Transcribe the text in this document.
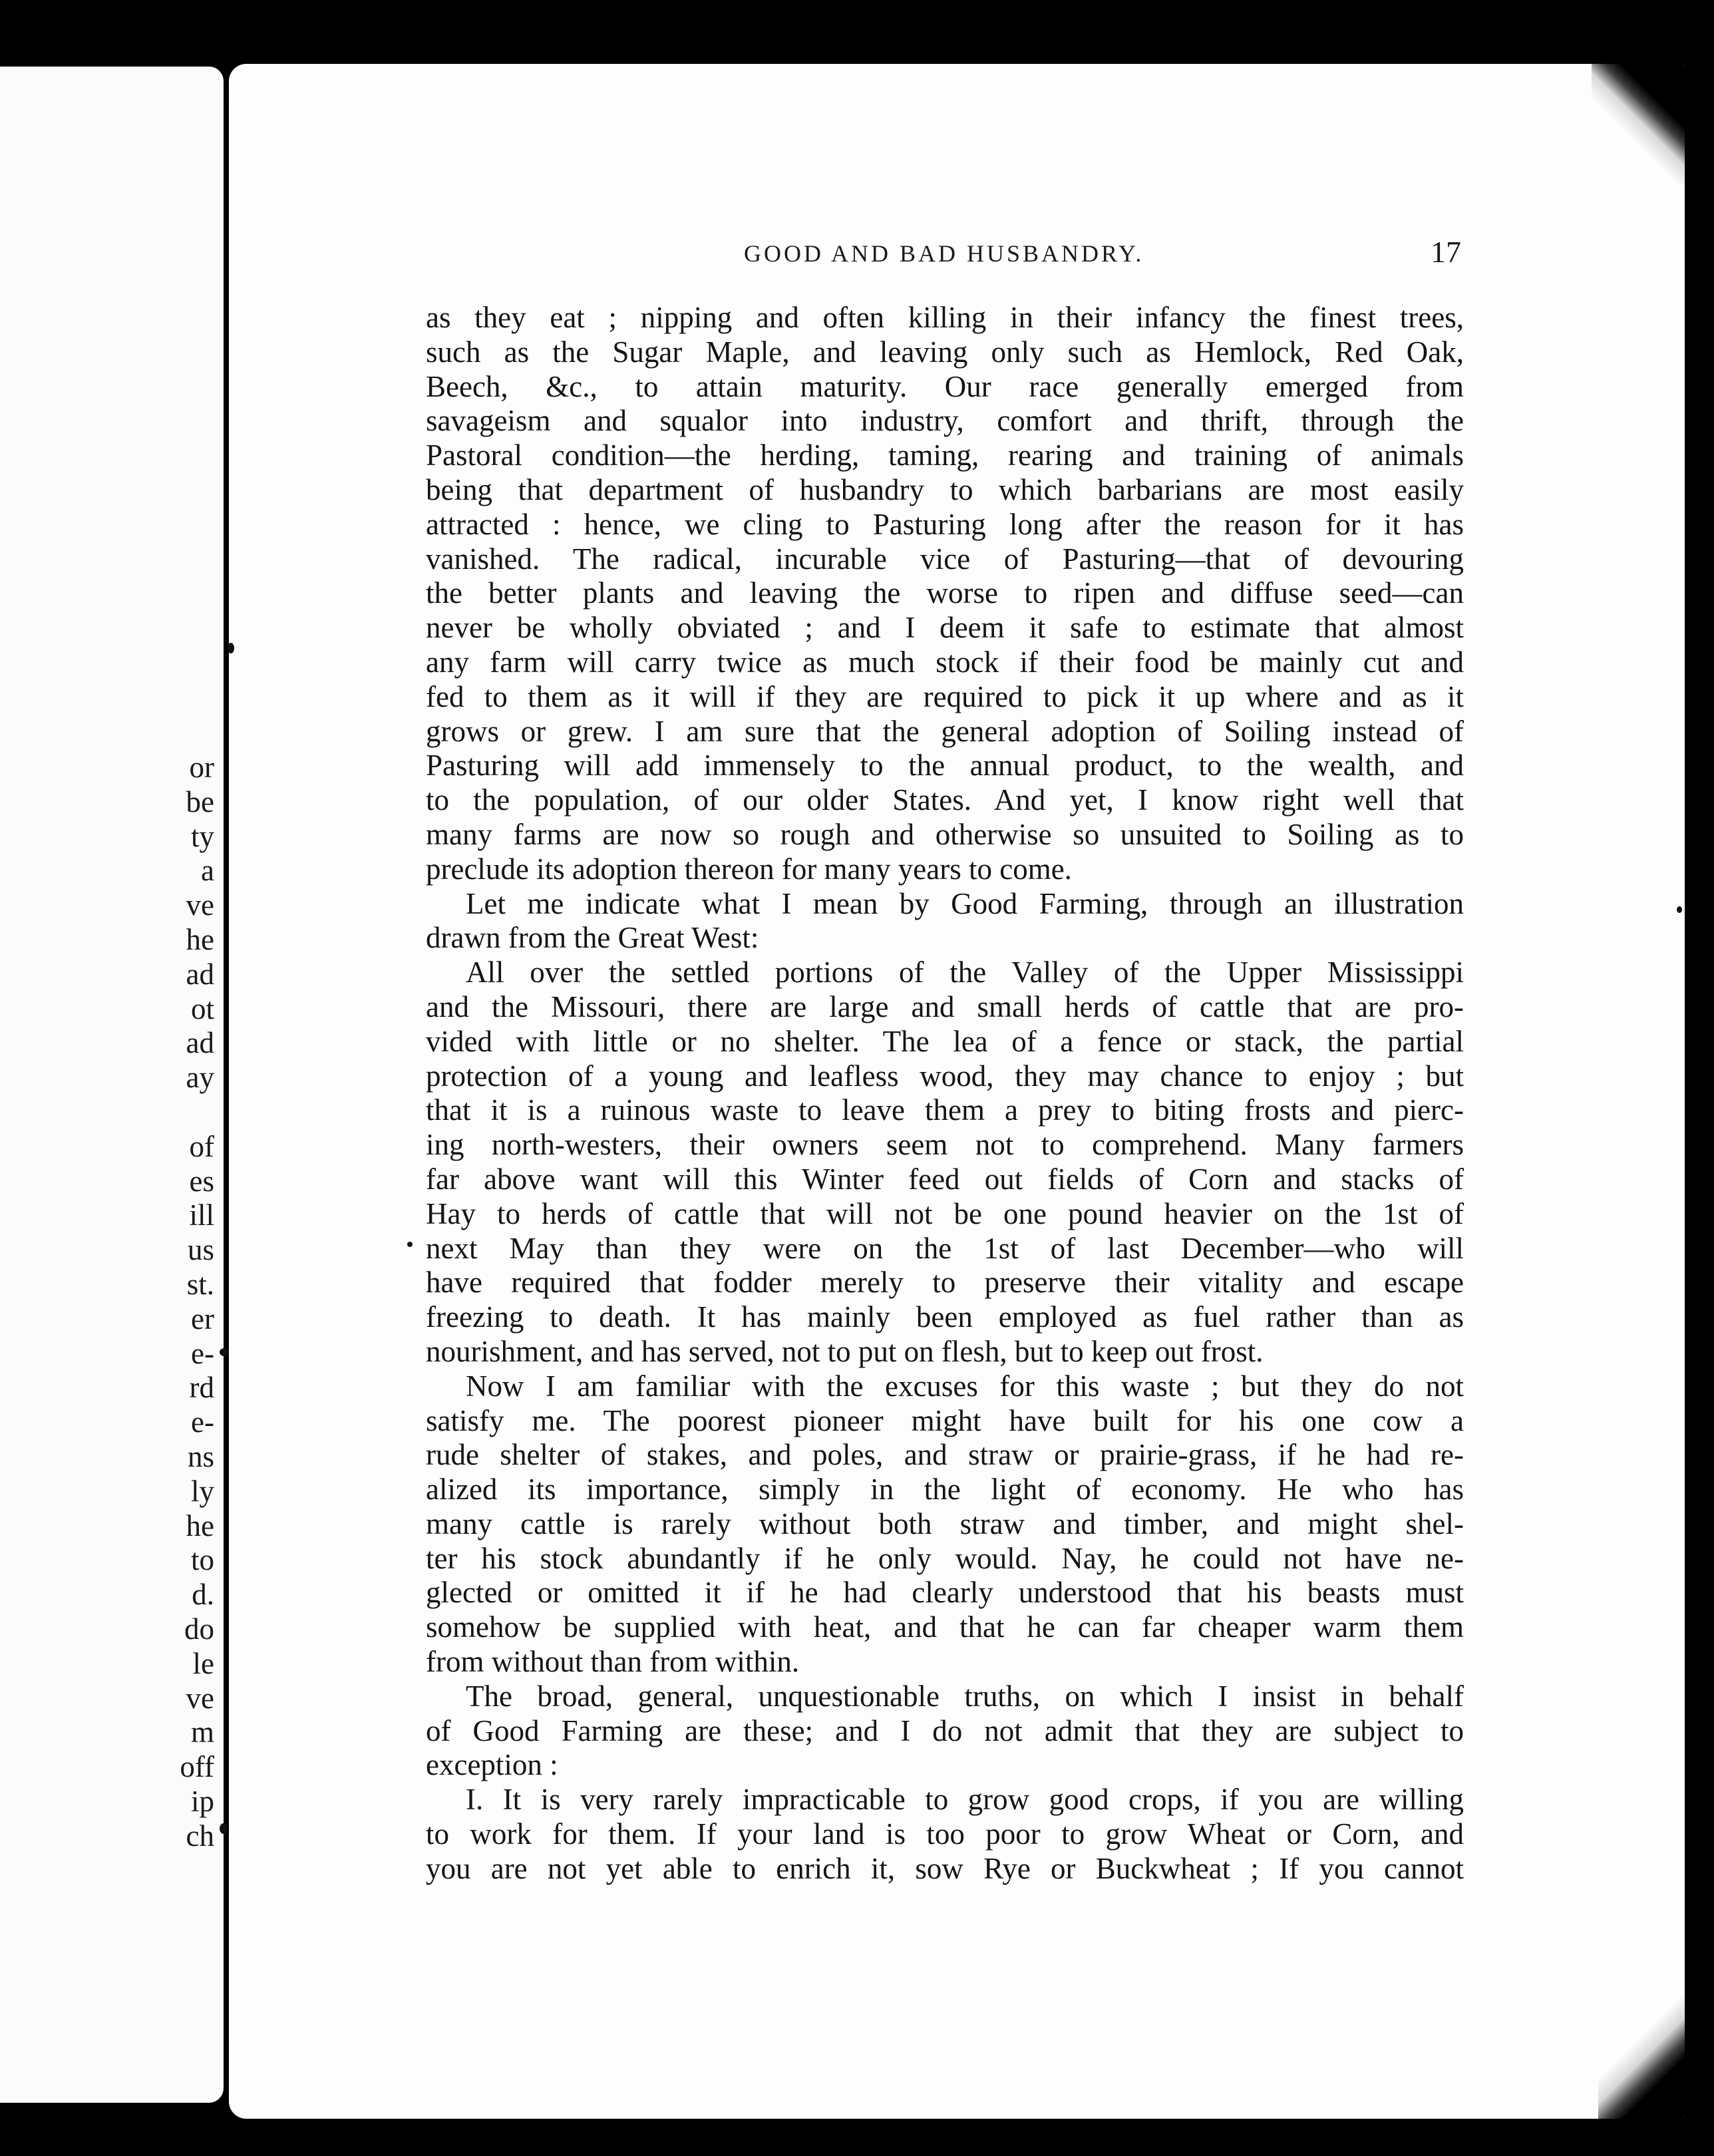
or
be
ty
a
ve
he
ad
ot
ad
ay
of
es
ill
us
st.
er
e-
rd
e-
ns
ly
he
to
d.
do
le
ve
m
off
ip
ch
GOOD AND BAD HUSBANDRY.	17
as they eat ; nipping and often killing in their infancy the finest trees,
such as the Sugar Maple, and leaving only such as Hemlock, Red Oak,
Beech, &c., to attain maturity. Our race generally emerged from
savageism and squalor into industry, comfort and thrift, through the
Pastoral condition—the herding, taming, rearing and training of animals
being that department of husbandry to which barbarians are most easily
attracted : hence, we cling to Pasturing long after the reason for it has
vanished. The radical, incurable vice of Pasturing—that of devouring
the better plants and leaving the worse to ripen and diffuse seed—can
never be wholly obviated ; and I deem it safe to estimate that almost
any farm will carry twice as much stock if their food be mainly cut and
fed to them as it will if they are required to pick it up where and as it
grows or grew. I am sure that the general adoption of Soiling instead of
Pasturing will add immensely to the annual product, to the wealth, and
to the population, of our older States. And yet, I know right well that
many farms are now so rough and otherwise so unsuited to Soiling as to
preclude its adoption thereon for many years to come.
Let me indicate what I mean by Good Farming, through an illustration
drawn from the Great West:
All over the settled portions of the Valley of the Upper Mississippi
and the Missouri, there are large and small herds of cattle that are pro-
vided with little or no shelter. The lea of a fence or stack, the partial
protection of a young and leafless wood, they may chance to enjoy ; but
that it is a ruinous waste to leave them a prey to biting frosts and pierc-
ing north-westers, their owners seem not to comprehend. Many farmers
far above want will this Winter feed out fields of Corn and stacks of
Hay to herds of cattle that will not be one pound heavier on the 1st of
next May than they were on the 1st of last December—who will
have required that fodder merely to preserve their vitality and escape
freezing to death. It has mainly been employed as fuel rather than as
nourishment, and has served, not to put on flesh, but to keep out frost.
Now I am familiar with the excuses for this waste ; but they do not
satisfy me. The poorest pioneer might have built for his one cow a
rude shelter of stakes, and poles, and straw or prairie-grass, if he had re-
alized its importance, simply in the light of economy. He who has
many cattle is rarely without both straw and timber, and might shel-
ter his stock abundantly if he only would. Nay, he could not have ne-
glected or omitted it if he had clearly understood that his beasts must
somehow be supplied with heat, and that he can far cheaper warm them
from without than from within.
The broad, general, unquestionable truths, on which I insist in behalf
of Good Farming are these; and I do not admit that they are subject to
exception :
I. It is very rarely impracticable to grow good crops, if you are willing
to work for them. If your land is too poor to grow Wheat or Corn, and
you are not yet able to enrich it, sow Rye or Buckwheat ; If you cannot
